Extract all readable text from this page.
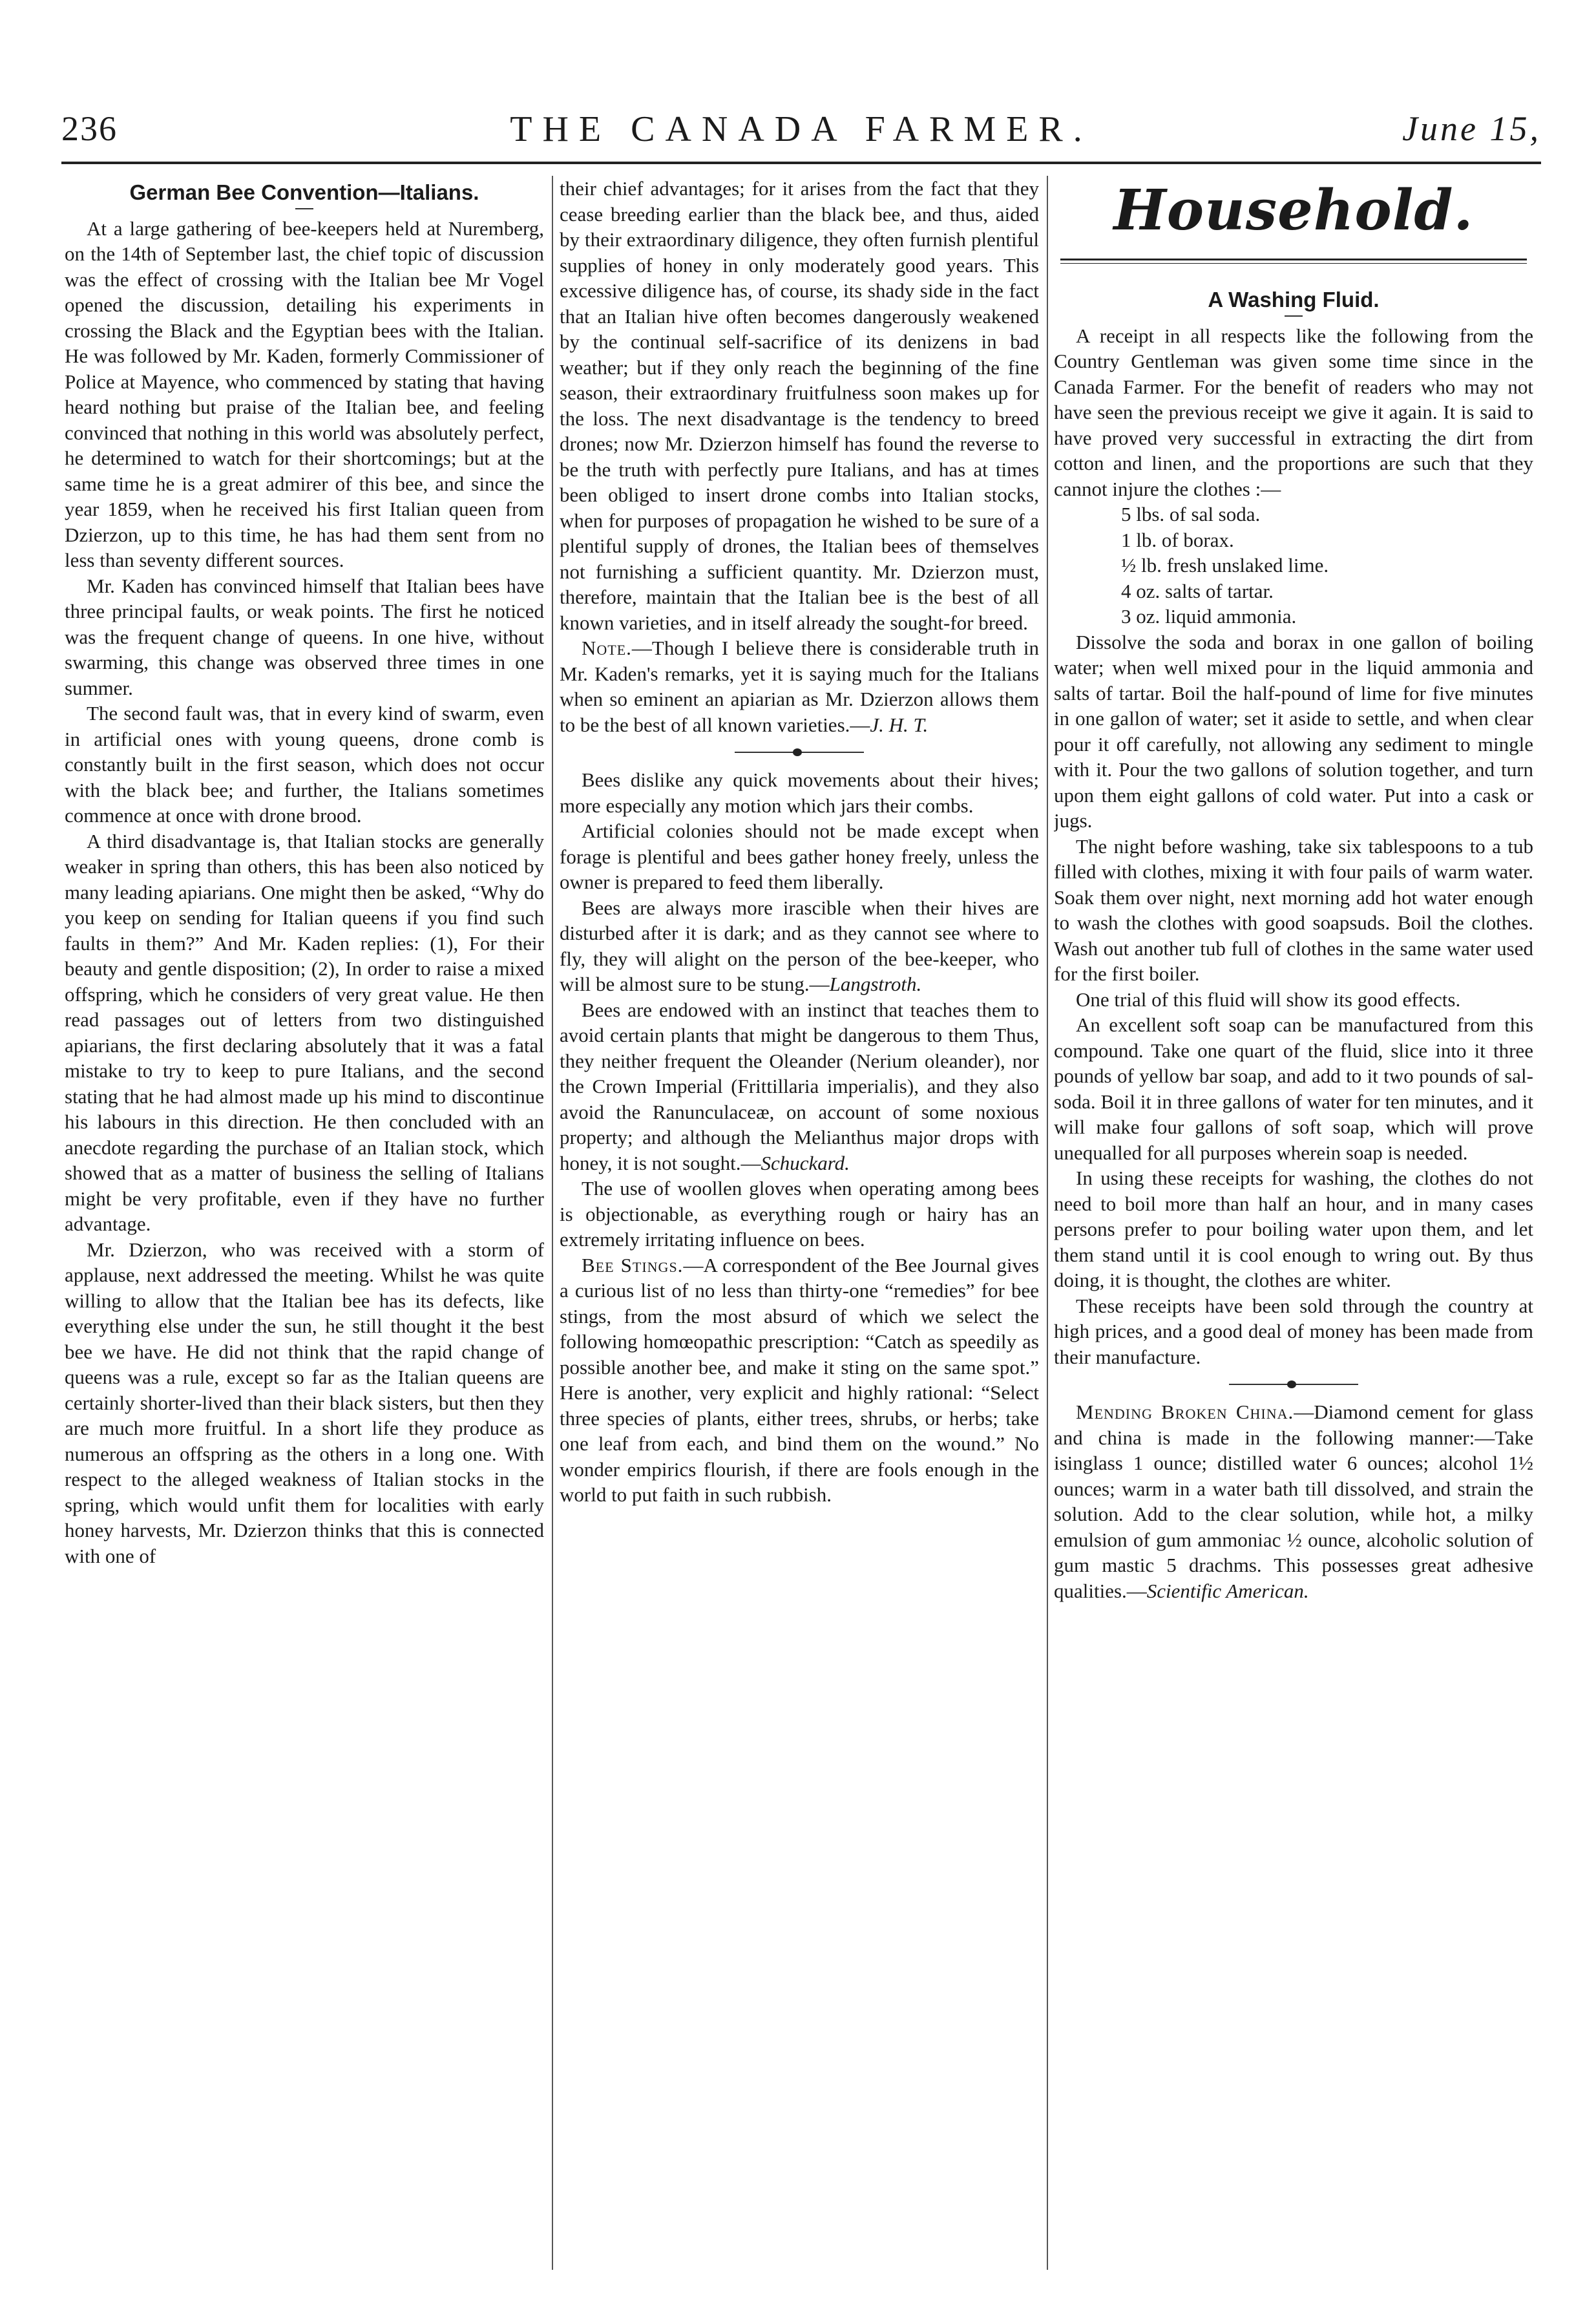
236	THE CANADA FARMER.	June 15,
German Bee Convention—Italians.

At a large gathering of bee-keepers held at Nuremberg, on the 14th of September last, the chief topic of discussion was the effect of crossing with the Italian bee Mr Vogel opened the discussion, detailing his experiments in crossing the Black and the Egyptian bees with the Italian. He was followed by Mr. Kaden, formerly Commissioner of Police at Mayence, who commenced by stating that having heard nothing but praise of the Italian bee, and feeling convinced that nothing in this world was absolutely perfect, he determined to watch for their shortcomings; but at the same time he is a great admirer of this bee, and since the year 1859, when he received his first Italian queen from Dzierzon, up to this time, he has had them sent from no less than seventy different sources.

Mr. Kaden has convinced himself that Italian bees have three principal faults, or weak points. The first he noticed was the frequent change of queens. In one hive, without swarming, this change was observed three times in one summer.

The second fault was, that in every kind of swarm, even in artificial ones with young queens, drone comb is constantly built in the first season, which does not occur with the black bee; and further, the Italians sometimes commence at once with drone brood.

A third disadvantage is, that Italian stocks are generally weaker in spring than others, this has been also noticed by many leading apiarians. One might then be asked, “Why do you keep on sending for Italian queens if you find such faults in them?” And Mr. Kaden replies: (1), For their beauty and gentle disposition; (2), In order to raise a mixed offspring, which he considers of very great value. He then read passages out of letters from two distinguished apiarians, the first declaring absolutely that it was a fatal mistake to try to keep to pure Italians, and the second stating that he had almost made up his mind to discontinue his labours in this direction. He then concluded with an anecdote regarding the purchase of an Italian stock, which showed that as a matter of business the selling of Italians might be very profitable, even if they have no further advantage.

Mr. Dzierzon, who was received with a storm of applause, next addressed the meeting. Whilst he was quite willing to allow that the Italian bee has its defects, like everything else under the sun, he still thought it the best bee we have. He did not think that the rapid change of queens was a rule, except so far as the Italian queens are certainly shorter-lived than their black sisters, but then they are much more fruitful. In a short life they produce as numerous an offspring as the others in a long one. With respect to the alleged weakness of Italian stocks in the spring, which would unfit them for localities with early honey harvests, Mr. Dzierzon thinks that this is connected with one of

their chief advantages; for it arises from the fact that they cease breeding earlier than the black bee, and thus, aided by their extraordinary diligence, they often furnish plentiful supplies of honey in only moderately good years. This excessive diligence has, of course, its shady side in the fact that an Italian hive often becomes dangerously weakened by the continual self-sacrifice of its denizens in bad weather; but if they only reach the beginning of the fine season, their extraordinary fruitfulness soon makes up for the loss. The next disadvantage is the tendency to breed drones; now Mr. Dzierzon himself has found the reverse to be the truth with perfectly pure Italians, and has at times been obliged to insert drone combs into Italian stocks, when for purposes of propagation he wished to be sure of a plentiful supply of drones, the Italian bees of themselves not furnishing a sufficient quantity. Mr. Dzierzon must, therefore, maintain that the Italian bee is the best of all known varieties, and in itself already the sought-for breed.

Note.—Though I believe there is considerable truth in Mr. Kaden's remarks, yet it is saying much for the Italians when so eminent an apiarian as Mr. Dzierzon allows them to be the best of all known varieties.—J. H. T.

Bees dislike any quick movements about their hives; more especially any motion which jars their combs.

Artificial colonies should not be made except when forage is plentiful and bees gather honey freely, unless the owner is prepared to feed them liberally.

Bees are always more irascible when their hives are disturbed after it is dark; and as they cannot see where to fly, they will alight on the person of the bee-keeper, who will be almost sure to be stung.—Langstroth.

Bees are endowed with an instinct that teaches them to avoid certain plants that might be dangerous to them Thus, they neither frequent the Oleander (Nerium oleander), nor the Crown Imperial (Frittillaria imperialis), and they also avoid the Ranunculaceæ, on account of some noxious property; and although the Melianthus major drops with honey, it is not sought.—Schuckard.

The use of woollen gloves when operating among bees is objectionable, as everything rough or hairy has an extremely irritating influence on bees.

Bee Stings.—A correspondent of the Bee Journal gives a curious list of no less than thirty-one “remedies” for bee stings, from the most absurd of which we select the following homœopathic prescription: “Catch as speedily as possible another bee, and make it sting on the same spot.” Here is another, very explicit and highly rational: “Select three species of plants, either trees, shrubs, or herbs; take one leaf from each, and bind them on the wound.” No wonder empirics flourish, if there are fools enough in the world to put faith in such rubbish.

Household.
A Washing Fluid.

A receipt in all respects like the following from the Country Gentleman was given some time since in the Canada Farmer. For the benefit of readers who may not have seen the previous receipt we give it again. It is said to have proved very successful in extracting the dirt from cotton and linen, and the proportions are such that they cannot injure the clothes :—

5 lbs. of sal soda.

1 lb. of borax.

½ lb. fresh unslaked lime.

4 oz. salts of tartar.

3 oz. liquid ammonia.

Dissolve the soda and borax in one gallon of boiling water; when well mixed pour in the liquid ammonia and salts of tartar. Boil the half-pound of lime for five minutes in one gallon of water; set it aside to settle, and when clear pour it off carefully, not allowing any sediment to mingle with it. Pour the two gallons of solution together, and turn upon them eight gallons of cold water. Put into a cask or jugs.

The night before washing, take six tablespoons to a tub filled with clothes, mixing it with four pails of warm water. Soak them over night, next morning add hot water enough to wash the clothes with good soapsuds. Boil the clothes. Wash out another tub full of clothes in the same water used for the first boiler.

One trial of this fluid will show its good effects.

An excellent soft soap can be manufactured from this compound. Take one quart of the fluid, slice into it three pounds of yellow bar soap, and add to it two pounds of sal-soda. Boil it in three gallons of water for ten minutes, and it will make four gallons of soft soap, which will prove unequalled for all purposes wherein soap is needed.

In using these receipts for washing, the clothes do not need to boil more than half an hour, and in many cases persons prefer to pour boiling water upon them, and let them stand until it is cool enough to wring out. By thus doing, it is thought, the clothes are whiter.

These receipts have been sold through the country at high prices, and a good deal of money has been made from their manufacture.

Mending Broken China.—Diamond cement for glass and china is made in the following manner:—Take isinglass 1 ounce; distilled water 6 ounces; alcohol 1½ ounces; warm in a water bath till dissolved, and strain the solution. Add to the clear solution, while hot, a milky emulsion of gum ammoniac ½ ounce, alcoholic solution of gum mastic 5 drachms. This possesses great adhesive qualities.—Scientific American.
